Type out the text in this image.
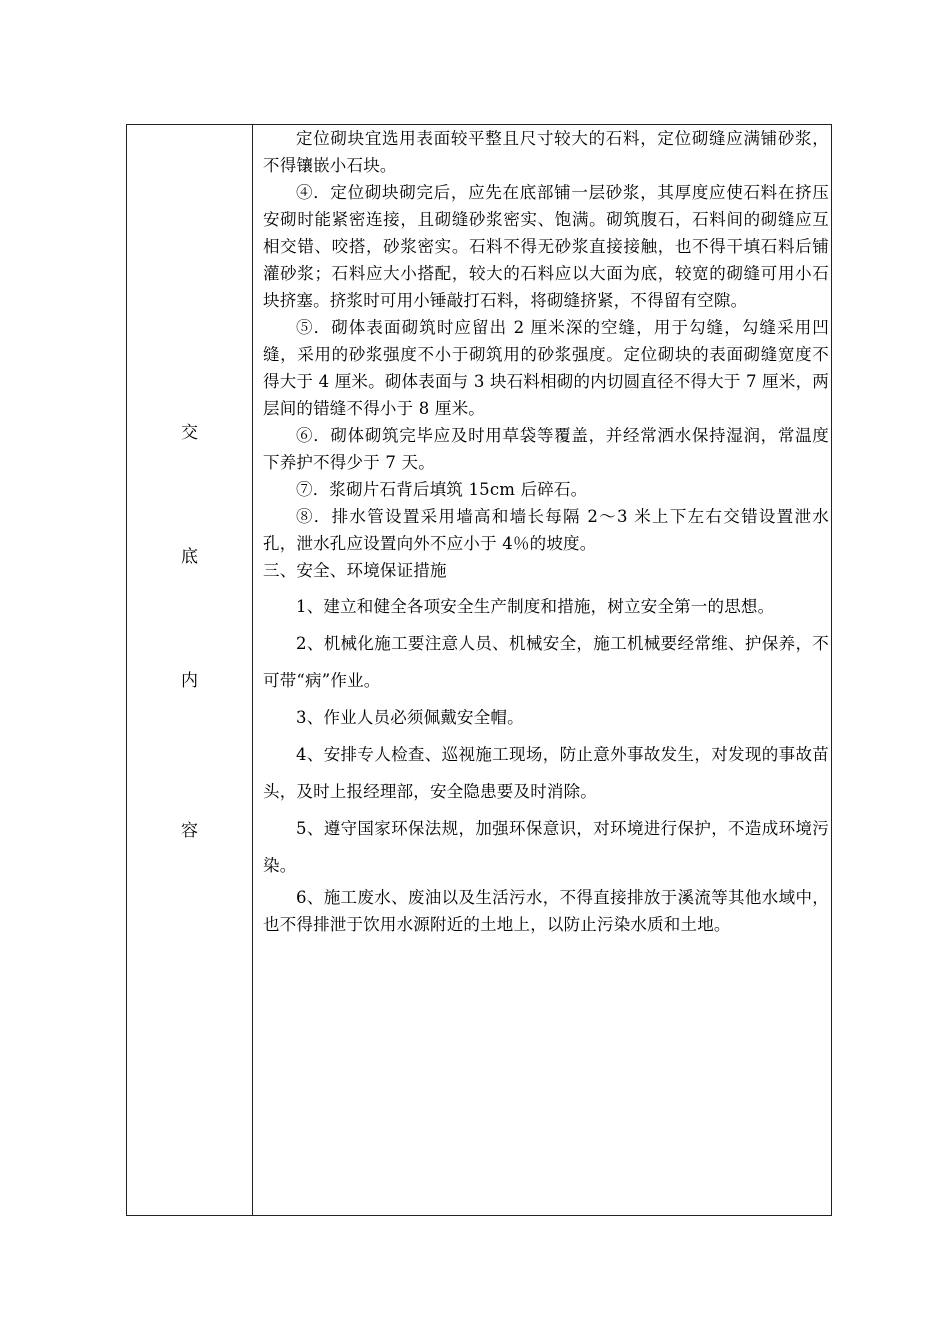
交
底
内
容

定位砌块宜选用表面较平整且尺寸较大的石料，定位砌缝应满铺砂浆，不得镶嵌小石块。

④．定位砌块砌完后，应先在底部铺一层砂浆，其厚度应使石料在挤压安砌时能紧密连接，且砌缝砂浆密实、饱满。砌筑腹石，石料间的砌缝应互相交错、咬搭，砂浆密实。石料不得无砂浆直接接触，也不得干填石料后铺灌砂浆；石料应大小搭配，较大的石料应以大面为底，较宽的砌缝可用小石块挤塞。挤浆时可用小锤敲打石料，将砌缝挤紧，不得留有空隙。

⑤．砌体表面砌筑时应留出 2 厘米深的空缝，用于勾缝，勾缝采用凹缝，采用的砂浆强度不小于砌筑用的砂浆强度。定位砌块的表面砌缝宽度不得大于 4 厘米。砌体表面与 3 块石料相砌的内切圆直径不得大于 7 厘米，两层间的错缝不得小于 8 厘米。

⑥．砌体砌筑完毕应及时用草袋等覆盖，并经常洒水保持湿润，常温度下养护不得少于 7 天。

⑦．浆砌片石背后填筑 15cm 后碎石。

⑧．排水管设置采用墙高和墙长每隔 2～3 米上下左右交错设置泄水孔，泄水孔应设置向外不应小于 4％的坡度。

三、安全、环境保证措施

1、建立和健全各项安全生产制度和措施，树立安全第一的思想。

2、机械化施工要注意人员、机械安全，施工机械要经常维、护保养，不可带“病”作业。

3、作业人员必须佩戴安全帽。

4、安排专人检查、巡视施工现场，防止意外事故发生，对发现的事故苗头，及时上报经理部，安全隐患要及时消除。

5、遵守国家环保法规，加强环保意识，对环境进行保护，不造成环境污染。

6、施工废水、废油以及生活污水，不得直接排放于溪流等其他水域中，也不得排泄于饮用水源附近的土地上，以防止污染水质和土地。
